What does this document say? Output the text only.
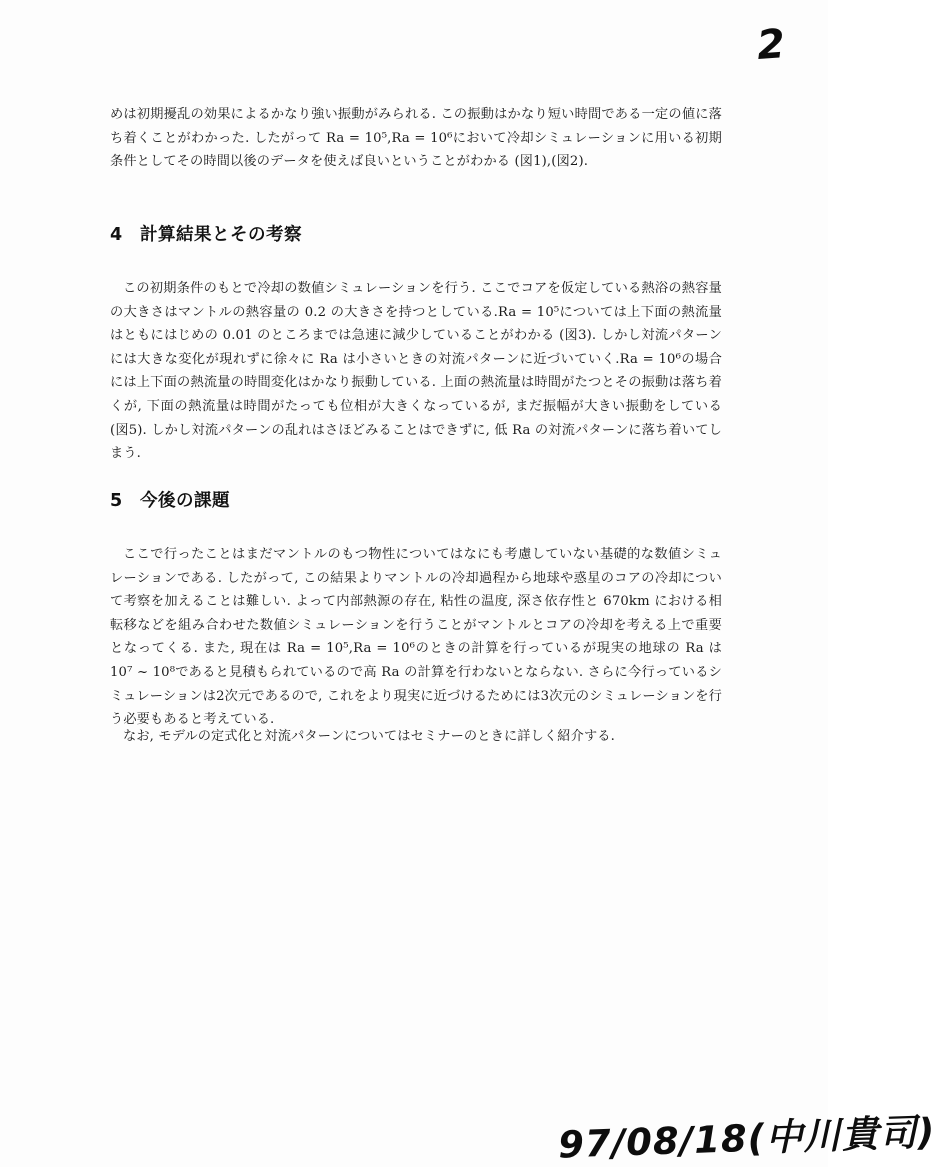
2

めは初期擾乱の効果によるかなり強い振動がみられる. この振動はかなり短い時間である一定の値に落ち着くことがわかった. したがって Ra = 10⁵,Ra = 10⁶において冷却シミュレーションに用いる初期条件としてその時間以後のデータを使えば良いということがわかる (図1),(図2).

4 計算結果とその考察

この初期条件のもとで冷却の数値シミュレーションを行う. ここでコアを仮定している熱浴の熱容量の大きさはマントルの熱容量の 0.2 の大きさを持つとしている.Ra = 10⁵については上下面の熱流量はともにはじめの 0.01 のところまでは急速に減少していることがわかる (図3). しかし対流パターンには大きな変化が現れずに徐々に Ra は小さいときの対流パターンに近づいていく.Ra = 10⁶の場合には上下面の熱流量の時間変化はかなり振動している. 上面の熱流量は時間がたつとその振動は落ち着くが, 下面の熱流量は時間がたっても位相が大きくなっているが, まだ振幅が大きい振動をしている (図5). しかし対流パターンの乱れはさほどみることはできずに, 低 Ra の対流パターンに落ち着いてしまう.

5 今後の課題

ここで行ったことはまだマントルのもつ物性についてはなにも考慮していない基礎的な数値シミュレーションである. したがって, この結果よりマントルの冷却過程から地球や惑星のコアの冷却について考察を加えることは難しい. よって内部熱源の存在, 粘性の温度, 深さ依存性と 670km における相転移などを組み合わせた数値シミュレーションを行うことがマントルとコアの冷却を考える上で重要となってくる. また, 現在は Ra = 10⁵,Ra = 10⁶のときの計算を行っているが現実の地球の Ra は 10⁷ ~ 10⁸であると見積もられているので高 Ra の計算を行わないとならない. さらに今行っているシミュレーションは2次元であるので, これをより現実に近づけるためには3次元のシミュレーションを行う必要もあると考えている.

なお, モデルの定式化と対流パターンについてはセミナーのときに詳しく紹介する.

97/08/18(中川貴司)
